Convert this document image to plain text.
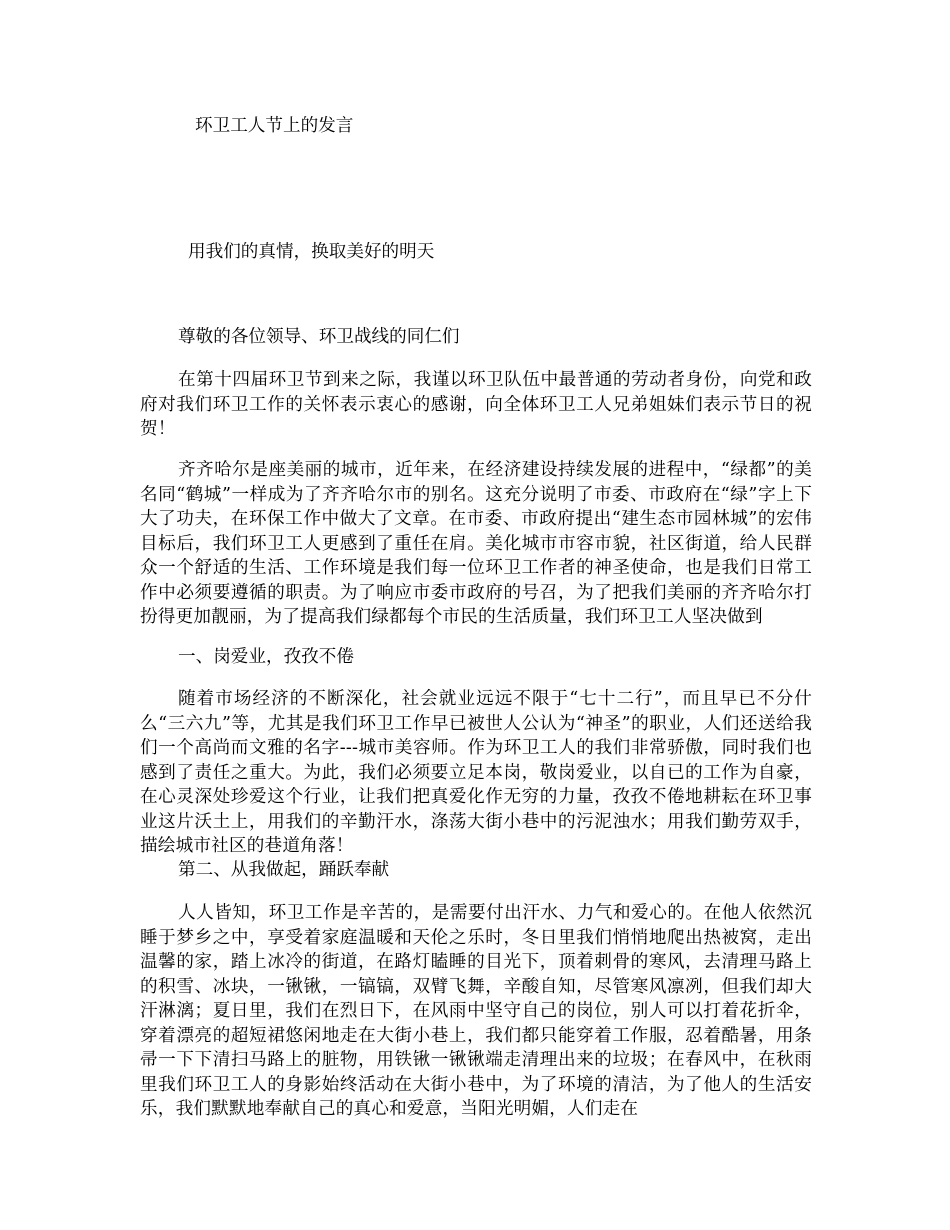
环卫工人节上的发言
用我们的真情，换取美好的明天
尊敬的各位领导、环卫战线的同仁们
在第十四届环卫节到来之际，我谨以环卫队伍中最普通的劳动者身份，向党和政府对我们环卫工作的关怀表示衷心的感谢，向全体环卫工人兄弟姐妹们表示节日的祝贺！
齐齐哈尔是座美丽的城市，近年来，在经济建设持续发展的进程中，“绿都”的美名同“鹤城”一样成为了齐齐哈尔市的别名。这充分说明了市委、市政府在“绿”字上下大了功夫，在环保工作中做大了文章。在市委、市政府提出“建生态市园林城”的宏伟目标后，我们环卫工人更感到了重任在肩。美化城市市容市貌，社区街道，给人民群众一个舒适的生活、工作环境是我们每一位环卫工作者的神圣使命，也是我们日常工作中必须要遵循的职责。为了响应市委市政府的号召，为了把我们美丽的齐齐哈尔打扮得更加靓丽，为了提高我们绿都每个市民的生活质量，我们环卫工人坚决做到
一、岗爱业，孜孜不倦
随着市场经济的不断深化，社会就业远远不限于“七十二行”，而且早已不分什么“三六九”等，尤其是我们环卫工作早已被世人公认为“神圣”的职业，人们还送给我们一个高尚而文雅的名字---城市美容师。作为环卫工人的我们非常骄傲，同时我们也感到了责任之重大。为此，我们必须要立足本岗，敬岗爱业，以自已的工作为自豪，在心灵深处珍爱这个行业，让我们把真爱化作无穷的力量，孜孜不倦地耕耘在环卫事业这片沃土上，用我们的辛勤汗水，涤荡大街小巷中的污泥浊水；用我们勤劳双手，描绘城市社区的巷道角落！
第二、从我做起，踊跃奉献
人人皆知，环卫工作是辛苦的，是需要付出汗水、力气和爱心的。在他人依然沉睡于梦乡之中，享受着家庭温暖和天伦之乐时，冬日里我们悄悄地爬出热被窝，走出温馨的家，踏上冰冷的街道，在路灯瞌睡的目光下，顶着刺骨的寒风，去清理马路上的积雪、冰块，一锹锹，一镐镐，双臂飞舞，辛酸自知，尽管寒风凛冽，但我们却大汗淋漓；夏日里，我们在烈日下，在风雨中坚守自己的岗位，别人可以打着花折伞，穿着漂亮的超短裙悠闲地走在大街小巷上，我们都只能穿着工作服，忍着酷暑，用条帚一下下清扫马路上的脏物，用铁锹一锹锹端走清理出来的垃圾；在春风中，在秋雨里我们环卫工人的身影始终活动在大街小巷中，为了环境的清洁，为了他人的生活安乐，我们默默地奉献自己的真心和爱意，当阳光明媚，人们走在
